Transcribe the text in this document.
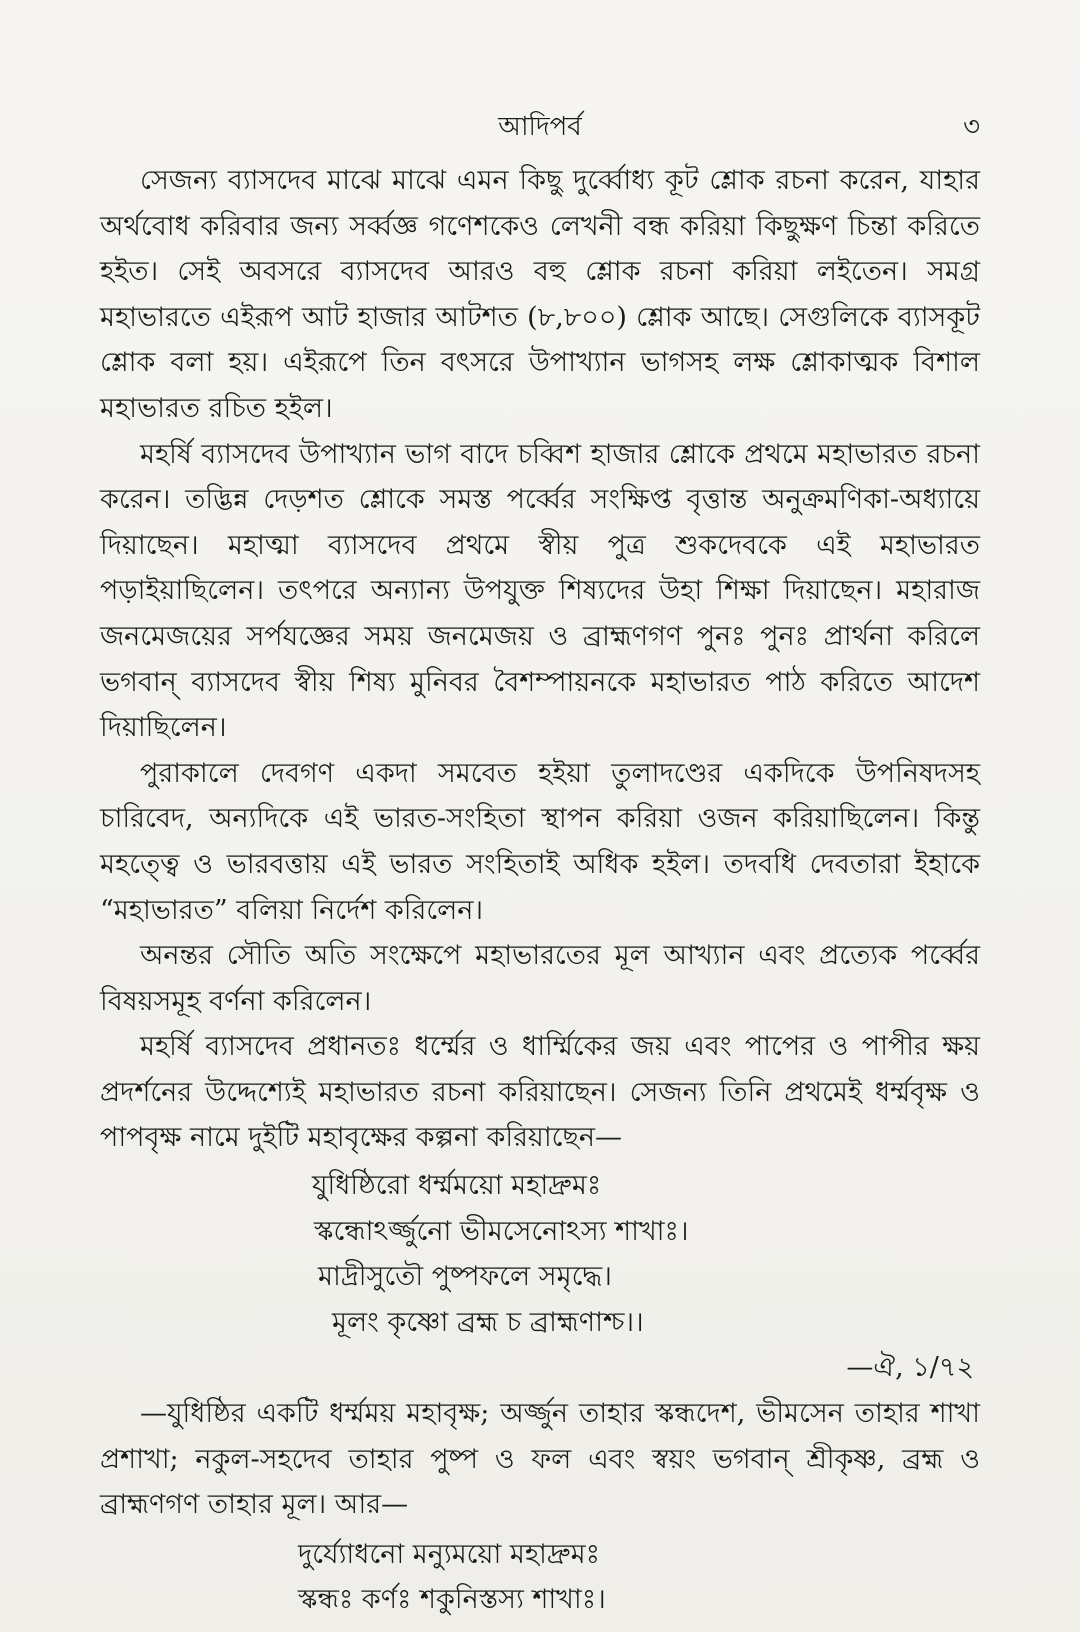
আদিপর্ব	৩

সেজন্য ব্যাসদেব মাঝে মাঝে এমন কিছু দুর্ব্বোধ্য কূট শ্লোক রচনা করেন, যাহার অর্থবোধ করিবার জন্য সর্ব্বজ্ঞ গণেশকেও লেখনী বন্ধ করিয়া কিছুক্ষণ চিন্তা করিতে হইত। সেই অবসরে ব্যাসদেব আরও বহু শ্লোক রচনা করিয়া লইতেন। সমগ্র মহাভারতে এইরূপ আট হাজার আটশত (৮,৮০০) শ্লোক আছে। সেগুলিকে ব্যাসকূট শ্লোক বলা হয়। এইরূপে তিন বৎসরে উপাখ্যান ভাগসহ লক্ষ শ্লোকাত্মক বিশাল মহাভারত রচিত হইল।

মহর্ষি ব্যাসদেব উপাখ্যান ভাগ বাদে চব্বিশ হাজার শ্লোকে প্রথমে মহাভারত রচনা করেন। তদ্ভিন্ন দেড়শত শ্লোকে সমস্ত পর্ব্বের সংক্ষিপ্ত বৃত্তান্ত অনুক্রমণিকা-অধ্যায়ে দিয়াছেন। মহাত্মা ব্যাসদেব প্রথমে স্বীয় পুত্র শুকদেবকে এই মহাভারত পড়াইয়াছিলেন। তৎপরে অন্যান্য উপযুক্ত শিষ্যদের উহা শিক্ষা দিয়াছেন। মহারাজ জনমেজয়ের সর্পযজ্ঞের সময় জনমেজয় ও ব্রাহ্মণগণ পুনঃ পুনঃ প্রার্থনা করিলে ভগবান্ ব্যাসদেব স্বীয় শিষ্য মুনিবর বৈশম্পায়নকে মহাভারত পাঠ করিতে আদেশ দিয়াছিলেন।

পুরাকালে দেবগণ একদা সমবেত হইয়া তুলাদণ্ডের একদিকে উপনিষদসহ চারিবেদ, অন্যদিকে এই ভারত-সংহিতা স্থাপন করিয়া ওজন করিয়াছিলেন। কিন্তু মহত্ত্বে ও ভারবত্তায় এই ভারত সংহিতাই অধিক হইল। তদবধি দেবতারা ইহাকে “মহাভারত” বলিয়া নির্দেশ করিলেন।

অনন্তর সৌতি অতি সংক্ষেপে মহাভারতের মূল আখ্যান এবং প্রত্যেক পর্ব্বের বিষয়সমূহ বর্ণনা করিলেন।

মহর্ষি ব্যাসদেব প্রধানতঃ ধর্ম্মের ও ধার্ম্মিকের জয় এবং পাপের ও পাপীর ক্ষয় প্রদর্শনের উদ্দেশ্যেই মহাভারত রচনা করিয়াছেন। সেজন্য তিনি প্রথমেই ধর্ম্মবৃক্ষ ও পাপবৃক্ষ নামে দুইটি মহাবৃক্ষের কল্পনা করিয়াছেন—

যুধিষ্ঠিরো ধর্ম্মময়ো মহাদ্রুমঃ
স্কন্ধোঽর্জ্জুনো ভীমসেনোঽস্য শাখাঃ।
মাদ্রীসুতৌ পুষ্পফলে সমৃদ্ধে।
মূলং কৃষ্ণো ব্রহ্ম চ ব্রাহ্মণাশ্চ।।

—ঐ, ১/৭২

—যুধিষ্ঠির একটি ধর্ম্মময় মহাবৃক্ষ; অর্জ্জুন তাহার স্কন্ধদেশ, ভীমসেন তাহার শাখা প্রশাখা; নকুল-সহদেব তাহার পুষ্প ও ফল এবং স্বয়ং ভগবান্ শ্রীকৃষ্ণ, ব্রহ্ম ও ব্রাহ্মণগণ তাহার মূল। আর—

দুর্য্যোধনো মন্যুময়ো মহাদ্রুমঃ
স্কন্ধঃ কর্ণঃ শকুনিস্তস্য শাখাঃ।
